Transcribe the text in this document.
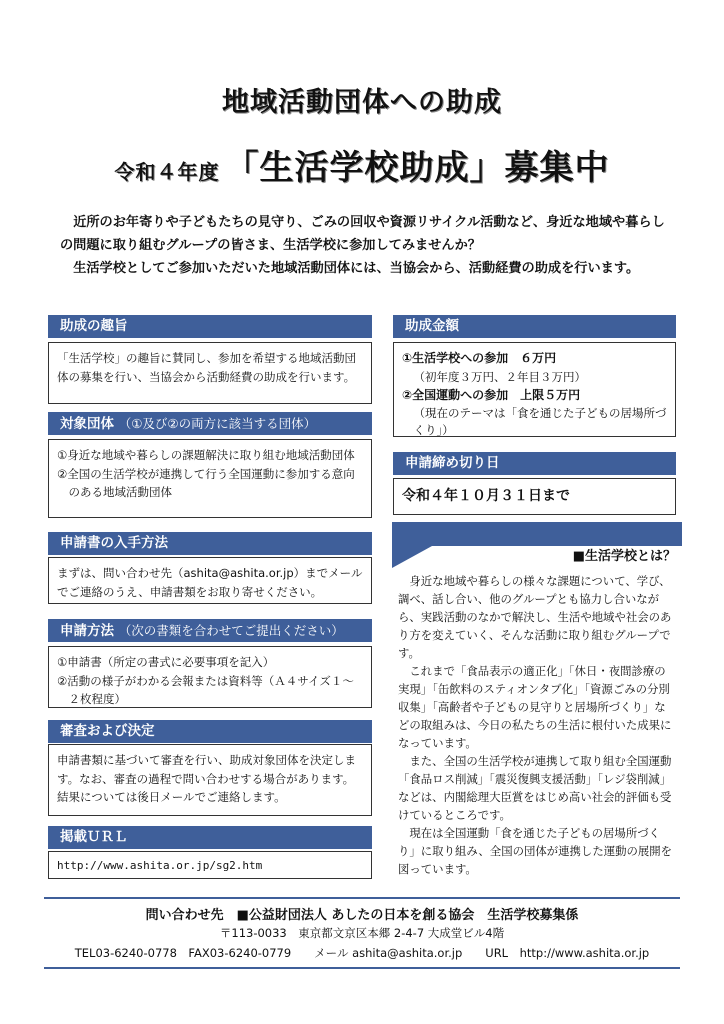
地域活動団体への助成
令和４年度 「生活学校助成」募集中

近所のお年寄りや子どもたちの見守り、ごみの回収や資源リサイクル活動など、身近な地域や暮らしの問題に取り組むグループの皆さま、生活学校に参加してみませんか？

生活学校としてご参加いただいた地域活動団体には、当協会から、活動経費の助成を行います。

助成の趣旨
「生活学校」の趣旨に賛同し、参加を希望する地域活動団体の募集を行い、当協会から活動経費の助成を行います。
対象団体 （①及び②の両方に該当する団体）
①身近な地域や暮らしの課題解決に取り組む地域活動団体
②全国の生活学校が連携して行う全国運動に参加する意向のある地域活動団体
申請書の入手方法
まずは、問い合わせ先（ashita@ashita.or.jp）までメールでご連絡のうえ、申請書類をお取り寄せください。
申請方法 （次の書類を合わせてご提出ください）
①申請書（所定の書式に必要事項を記入）
②活動の様子がわかる会報または資料等（Ａ４サイズ１～２枚程度）
審査および決定
申請書類に基づいて審査を行い、助成対象団体を決定します。なお、審査の過程で問い合わせする場合があります。結果については後日メールでご連絡します。
掲載ＵＲＬ
http://www.ashita.or.jp/sg2.htm
助成金額
①生活学校への参加　６万円
（初年度３万円、２年目３万円）
②全国運動への参加　上限５万円
（現在のテーマは「食を通じた子どもの居場所づくり」）
申請締め切り日
令和４年１０月３１日まで
■生活学校とは？
身近な地域や暮らしの様々な課題について、学び、調べ、話し合い、他のグループとも協力し合いながら、実践活動のなかで解決し、生活や地域や社会のあり方を変えていく、そんな活動に取り組むグループです。
これまで「食品表示の適正化」「休日・夜間診療の実現」「缶飲料のスティオンタブ化」「資源ごみの分別収集」「高齢者や子どもの見守りと居場所づくり」などの取組みは、今日の私たちの生活に根付いた成果になっています。
また、全国の生活学校が連携して取り組む全国運動「食品ロス削減」「震災復興支援活動」「レジ袋削減」などは、内閣総理大臣賞をはじめ高い社会的評価も受けているところです。
現在は全国運動「食を通じた子どもの居場所づくり」に取り組み、全国の団体が連携した運動の展開を図っています。
問い合わせ先　■公益財団法人 あしたの日本を創る協会　生活学校募集係
〒113-0033　東京都文京区本郷 2-4-7 大成堂ビル4階
TEL03-6240-0778　FAX03-6240-0779　　メール ashita@ashita.or.jp　　URL　http://www.ashita.or.jp
